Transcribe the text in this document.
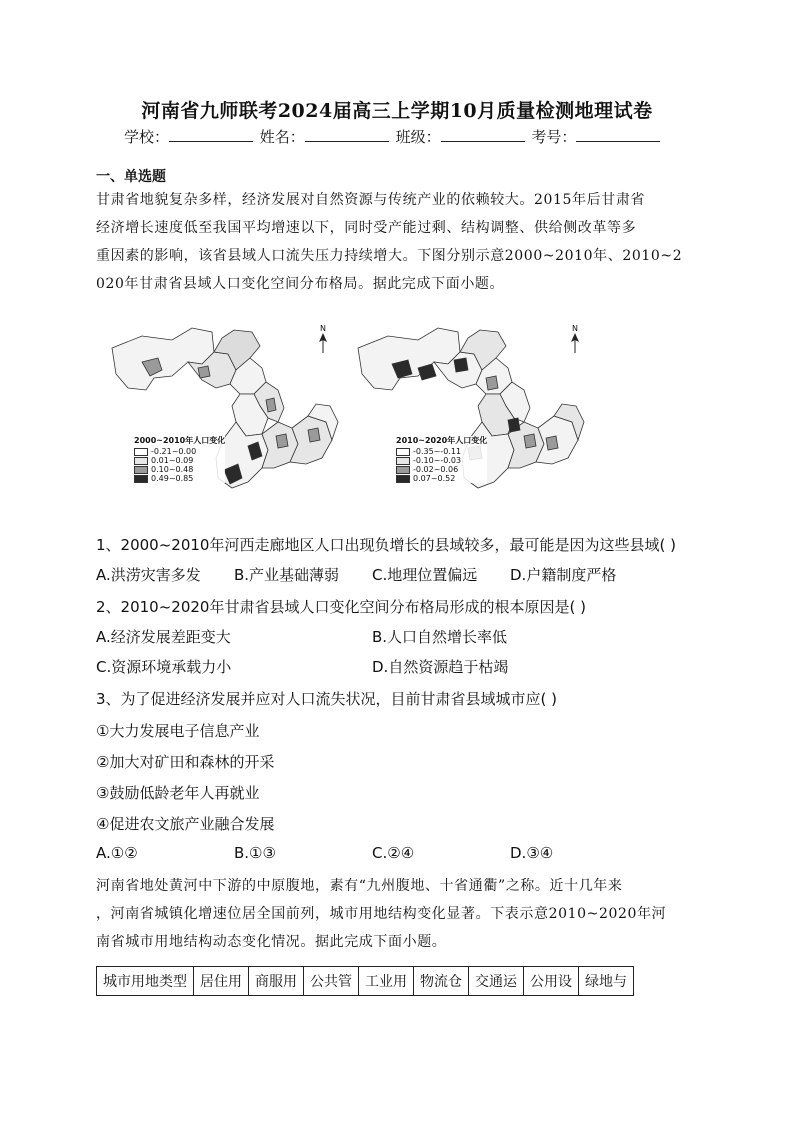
河南省九师联考2024届高三上学期10月质量检测地理试卷
学校：	姓名：	班级：	考号：
一、单选题
甘肃省地貌复杂多样，经济发展对自然资源与传统产业的依赖较大。2015年后甘肃省
经济增长速度低至我国平均增速以下，同时受产能过剩、结构调整、供给侧改革等多
重因素的影响，该省县域人口流失压力持续增大。下图分别示意2000~2010年、2010~2
020年甘肃省县域人口变化空间分布格局。据此完成下面小题。
N
2000~2010年人口变化
-0.21~0.00
0.01~0.09
0.10~0.48
0.49~0.85
N
2010~2020年人口变化
-0.35~-0.11
-0.10~-0.03
-0.02~0.06
0.07~0.52
1、2000~2010年河西走廊地区人口出现负增长的县域较多，最可能是因为这些县域( )
A.洪涝灾害多发 B.产业基础薄弱 C.地理位置偏远 D.户籍制度严格
2、2010~2020年甘肃省县域人口变化空间分布格局形成的根本原因是( )
A.经济发展差距变大	B.人口自然增长率低
C.资源环境承载力小	D.自然资源趋于枯竭
3、为了促进经济发展并应对人口流失状况，目前甘肃省县域城市应( )
①大力发展电子信息产业
②加大对矿田和森林的开采
③鼓励低龄老年人再就业
④促进农文旅产业融合发展
A.①②	B.①③	C.②④	D.③④
河南省地处黄河中下游的中原腹地，素有“九州腹地、十省通衢”之称。近十几年来
，河南省城镇化增速位居全国前列，城市用地结构变化显著。下表示意2010~2020年河
南省城市用地结构动态变化情况。据此完成下面小题。
城市用地类型	居住用	商服用	公共管	工业用	物流仓	交通运	公用设	绿地与
